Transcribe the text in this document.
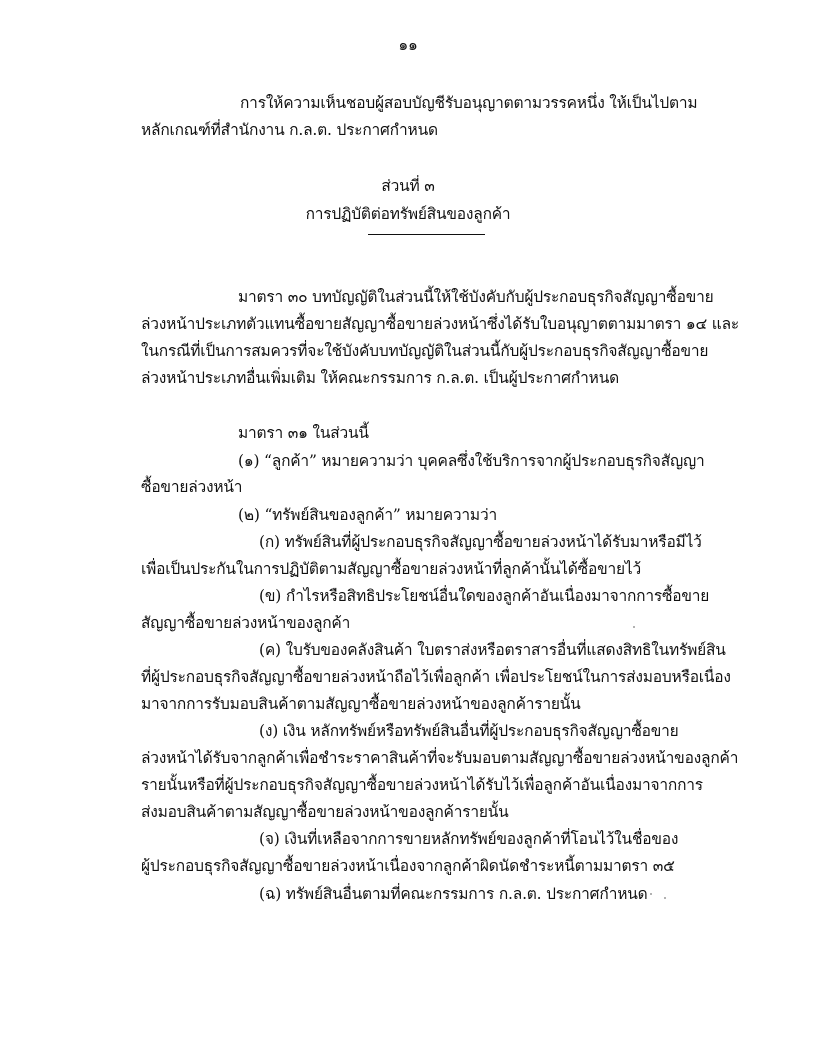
๑๑
การให้ความเห็นชอบผู้สอบบัญชีรับอนุญาตตามวรรคหนึ่ง ให้เป็นไปตาม
หลักเกณฑ์ที่สำนักงาน ก.ล.ต. ประกาศกำหนด
ส่วนที่ ๓
การปฏิบัติต่อทรัพย์สินของลูกค้า
มาตรา ๓๐ บทบัญญัติในส่วนนี้ให้ใช้บังคับกับผู้ประกอบธุรกิจสัญญาซื้อขาย
ล่วงหน้าประเภทตัวแทนซื้อขายสัญญาซื้อขายล่วงหน้าซึ่งได้รับใบอนุญาตตามมาตรา ๑๔ และ
ในกรณีที่เป็นการสมควรที่จะใช้บังคับบทบัญญัติในส่วนนี้กับผู้ประกอบธุรกิจสัญญาซื้อขาย
ล่วงหน้าประเภทอื่นเพิ่มเติม ให้คณะกรรมการ ก.ล.ต. เป็นผู้ประกาศกำหนด
มาตรา ๓๑ ในส่วนนี้
(๑) “ลูกค้า” หมายความว่า บุคคลซึ่งใช้บริการจากผู้ประกอบธุรกิจสัญญา
ซื้อขายล่วงหน้า
(๒) “ทรัพย์สินของลูกค้า” หมายความว่า
(ก) ทรัพย์สินที่ผู้ประกอบธุรกิจสัญญาซื้อขายล่วงหน้าได้รับมาหรือมีไว้
เพื่อเป็นประกันในการปฏิบัติตามสัญญาซื้อขายล่วงหน้าที่ลูกค้านั้นได้ซื้อขายไว้
(ข) กำไรหรือสิทธิประโยชน์อื่นใดของลูกค้าอันเนื่องมาจากการซื้อขาย
สัญญาซื้อขายล่วงหน้าของลูกค้า
(ค) ใบรับของคลังสินค้า ใบตราส่งหรือตราสารอื่นที่แสดงสิทธิในทรัพย์สิน
ที่ผู้ประกอบธุรกิจสัญญาซื้อขายล่วงหน้าถือไว้เพื่อลูกค้า เพื่อประโยชน์ในการส่งมอบหรือเนื่อง
มาจากการรับมอบสินค้าตามสัญญาซื้อขายล่วงหน้าของลูกค้ารายนั้น
(ง) เงิน หลักทรัพย์หรือทรัพย์สินอื่นที่ผู้ประกอบธุรกิจสัญญาซื้อขาย
ล่วงหน้าได้รับจากลูกค้าเพื่อชำระราคาสินค้าที่จะรับมอบตามสัญญาซื้อขายล่วงหน้าของลูกค้า
รายนั้นหรือที่ผู้ประกอบธุรกิจสัญญาซื้อขายล่วงหน้าได้รับไว้เพื่อลูกค้าอันเนื่องมาจากการ
ส่งมอบสินค้าตามสัญญาซื้อขายล่วงหน้าของลูกค้ารายนั้น
(จ) เงินที่เหลือจากการขายหลักทรัพย์ของลูกค้าที่โอนไว้ในชื่อของ
ผู้ประกอบธุรกิจสัญญาซื้อขายล่วงหน้าเนื่องจากลูกค้าผิดนัดชำระหนี้ตามมาตรา ๓๕
(ฉ) ทรัพย์สินอื่นตามที่คณะกรรมการ ก.ล.ต. ประกาศกำหนด
